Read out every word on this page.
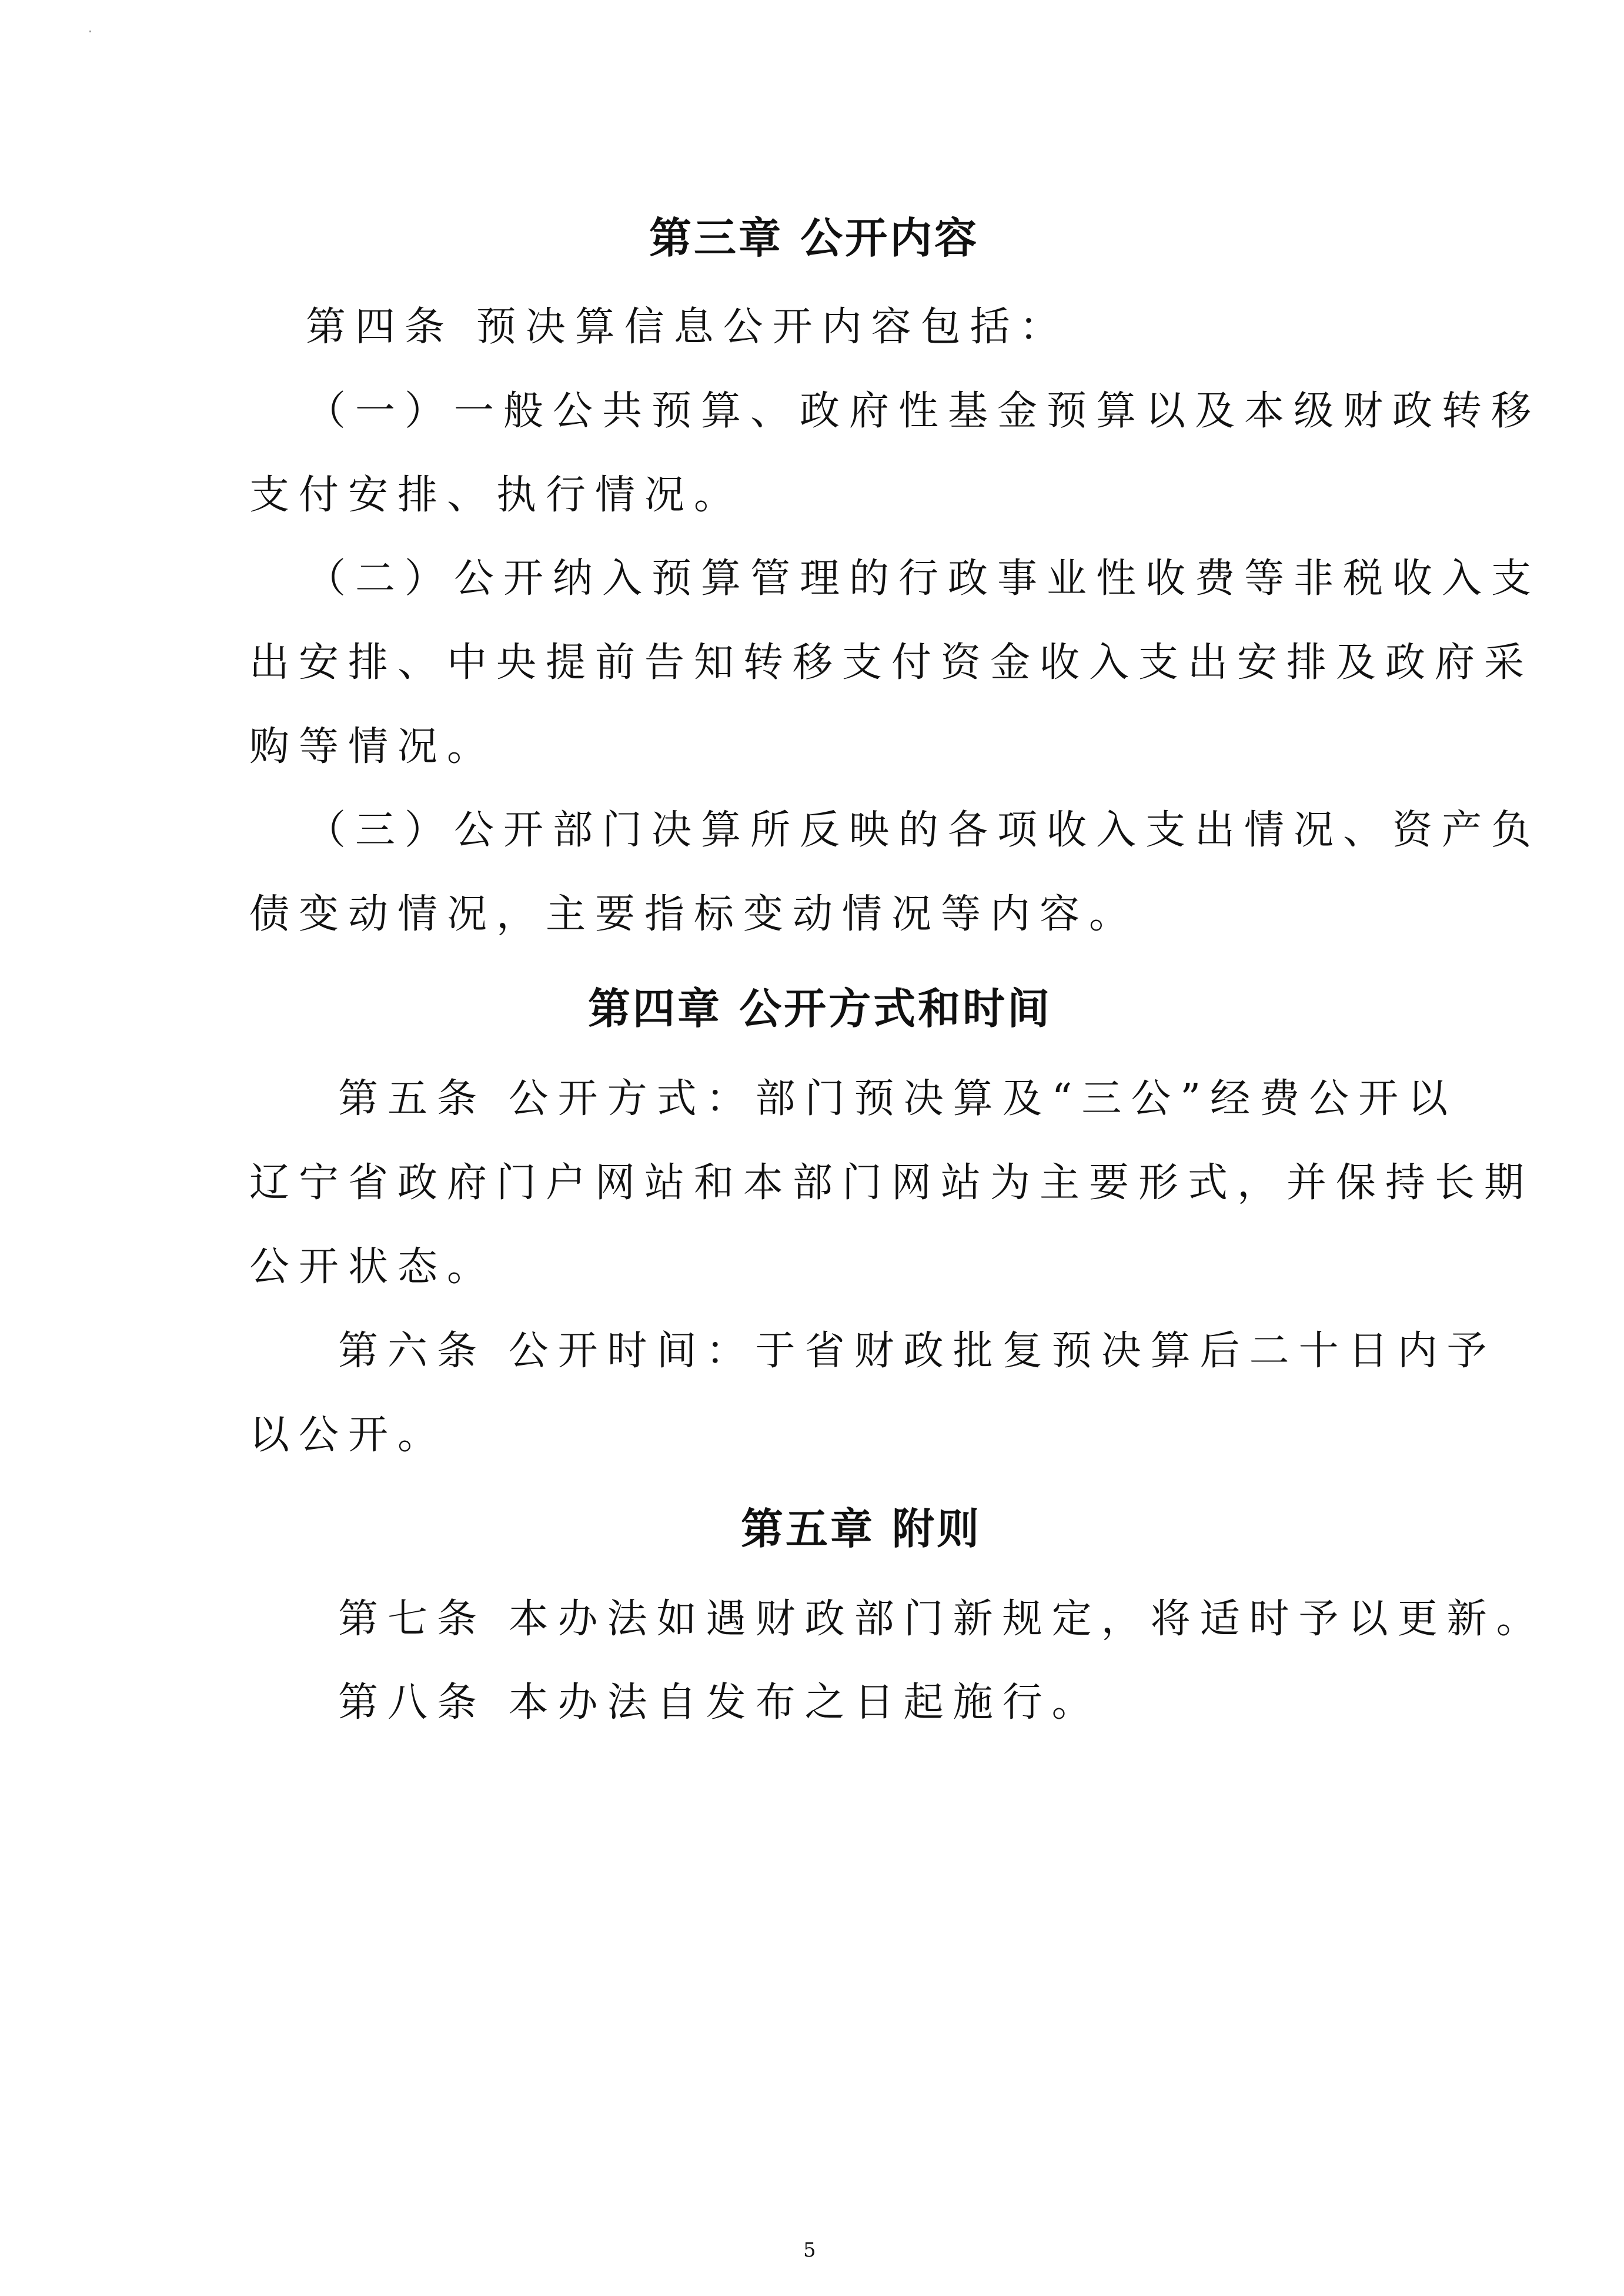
第三章 公开内容
第四条 预决算信息公开内容包括：
（一）一般公共预算、政府性基金预算以及本级财政转移
支付安排、执行情况。
（二）公开纳入预算管理的行政事业性收费等非税收入支
出安排、中央提前告知转移支付资金收入支出安排及政府采
购等情况。
（三）公开部门决算所反映的各项收入支出情况、资产负
债变动情况，主要指标变动情况等内容。
第四章 公开方式和时间
第五条 公开方式：部门预决算及“三公”经费公开以
辽宁省政府门户网站和本部门网站为主要形式，并保持长期
公开状态。
第六条 公开时间：于省财政批复预决算后二十日内予
以公开。
第五章 附则
第七条 本办法如遇财政部门新规定，将适时予以更新。
第八条 本办法自发布之日起施行。
5
